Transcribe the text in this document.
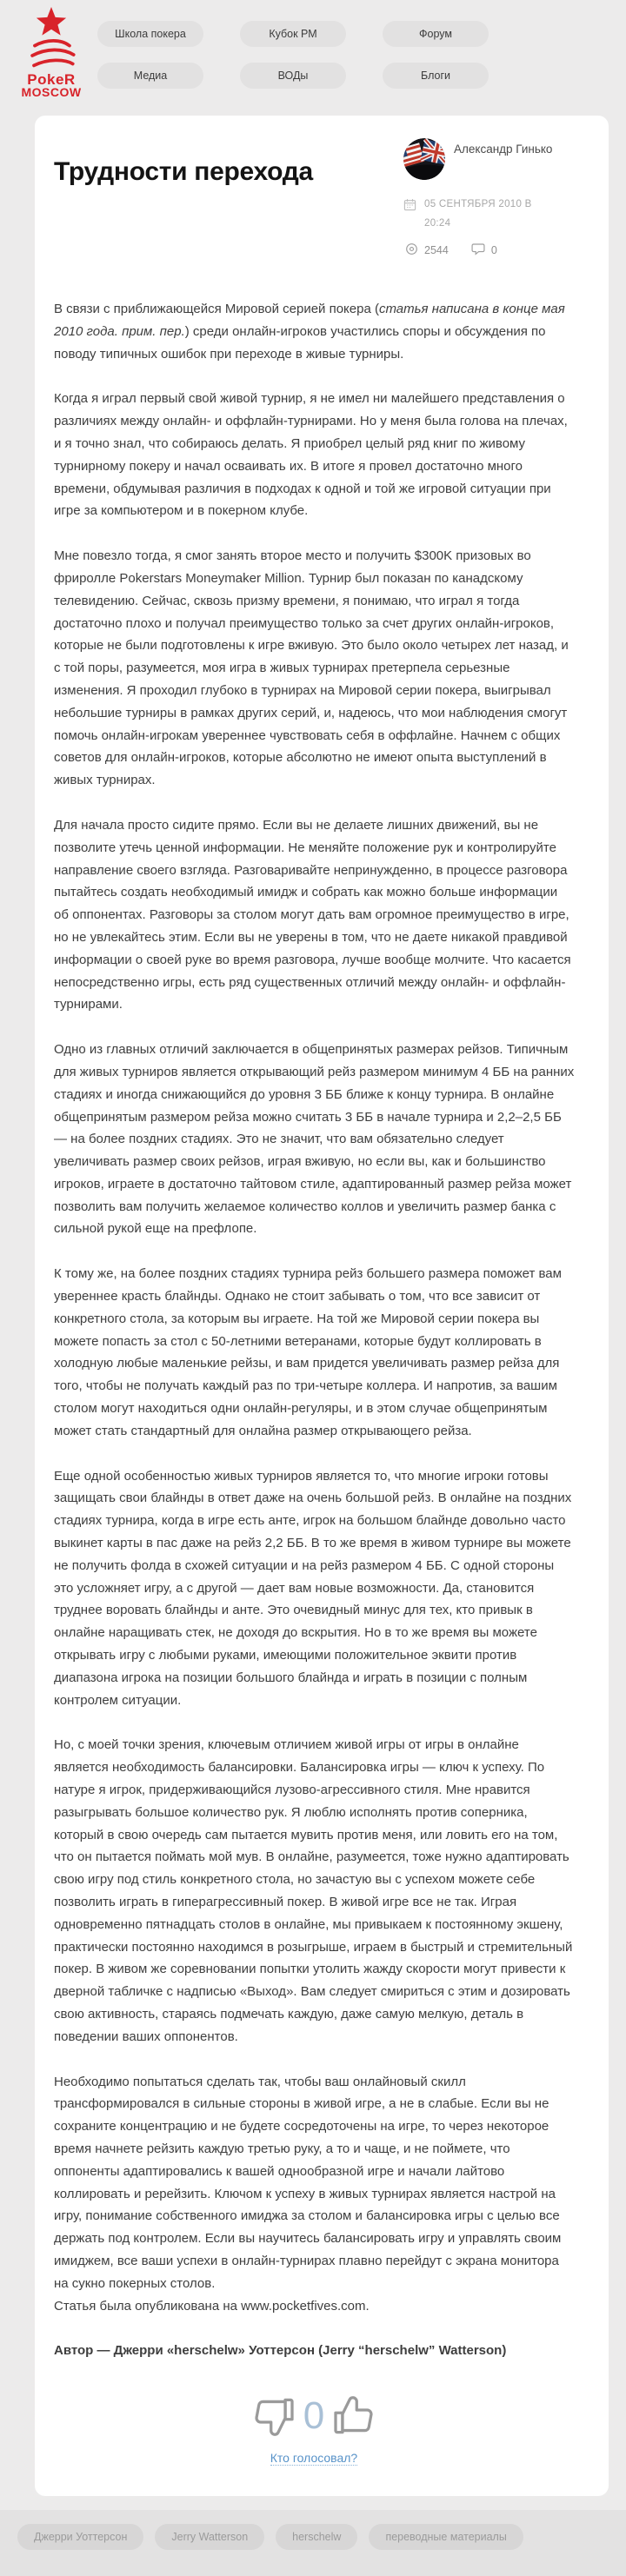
PokeR
MOSCOW
Школа покера	Кубок РМ	Форум
Медиа	ВОДы	Блоги
Трудности перехода
Александр Гинько
05 СЕНТЯБРЯ 2010 В 20:24
2544	0

В связи с приближающейся Мировой серией покера (статья написана в конце мая 2010 года. прим. пер.) среди онлайн-игроков участились споры и обсуждения по поводу типичных ошибок при переходе в живые турниры.

Когда я играл первый свой живой турнир, я не имел ни малейшего представления о различиях между онлайн- и оффлайн-турнирами. Но у меня была голова на плечах, и я точно знал, что собираюсь делать. Я приобрел целый ряд книг по живому турнирному покеру и начал осваивать их. В итоге я провел достаточно много времени, обдумывая различия в подходах к одной и той же игровой ситуации при игре за компьютером и в покерном клубе.

Мне повезло тогда, я смог занять второе место и получить $300K призовых во фриролле Pokerstars Moneymaker Million. Турнир был показан по канадскому телевидению. Сейчас, сквозь призму времени, я понимаю, что играл я тогда достаточно плохо и получал преимущество только за счет других онлайн-игроков, которые не были подготовлены к игре вживую. Это было около четырех лет назад, и с той поры, разумеется, моя игра в живых турнирах претерпела серьезные изменения. Я проходил глубоко в турнирах на Мировой серии покера, выигрывал небольшие турниры в рамках других серий, и, надеюсь, что мои наблюдения смогут помочь онлайн-игрокам увереннее чувствовать себя в оффлайне. Начнем с общих советов для онлайн-игроков, которые абсолютно не имеют опыта выступлений в живых турнирах.

Для начала просто сидите прямо. Если вы не делаете лишних движений, вы не позволите утечь ценной информации. Не меняйте положение рук и контролируйте направление своего взгляда. Разговаривайте непринужденно, в процессе разговора пытайтесь создать необходимый имидж и собрать как можно больше информации об оппонентах. Разговоры за столом могут дать вам огромное преимущество в игре, но не увлекайтесь этим. Если вы не уверены в том, что не даете никакой правдивой информации о своей руке во время разговора, лучше вообще молчите. Что касается непосредственно игры, есть ряд существенных отличий между онлайн- и оффлайн-турнирами.

Одно из главных отличий заключается в общепринятых размерах рейзов. Типичным для живых турниров является открывающий рейз размером минимум 4 ББ на ранних стадиях и иногда снижающийся до уровня 3 ББ ближе к концу турнира. В онлайне общепринятым размером рейза можно считать 3 ББ в начале турнира и 2,2–2,5 ББ — на более поздних стадиях. Это не значит, что вам обязательно следует увеличивать размер своих рейзов, играя вживую, но если вы, как и большинство игроков, играете в достаточно тайтовом стиле, адаптированный размер рейза может позволить вам получить желаемое количество коллов и увеличить размер банка с сильной рукой еще на префлопе.

К тому же, на более поздних стадиях турнира рейз большего размера поможет вам увереннее красть блайнды. Однако не стоит забывать о том, что все зависит от конкретного стола, за которым вы играете. На той же Мировой серии покера вы можете попасть за стол с 50-летними ветеранами, которые будут коллировать в холодную любые маленькие рейзы, и вам придется увеличивать размер рейза для того, чтобы не получать каждый раз по три-четыре коллера. И напротив, за вашим столом могут находиться одни онлайн-регуляры, и в этом случае общепринятым может стать стандартный для онлайна размер открывающего рейза.

Еще одной особенностью живых турниров является то, что многие игроки готовы защищать свои блайнды в ответ даже на очень большой рейз. В онлайне на поздних стадиях турнира, когда в игре есть анте, игрок на большом блайнде довольно часто выкинет карты в пас даже на рейз 2,2 ББ. В то же время в живом турнире вы можете не получить фолда в схожей ситуации и на рейз размером 4 ББ. С одной стороны это усложняет игру, а с другой — дает вам новые возможности. Да, становится труднее воровать блайнды и анте. Это очевидный минус для тех, кто привык в онлайне наращивать стек, не доходя до вскрытия. Но в то же время вы можете открывать игру с любыми руками, имеющими положительное эквити против диапазона игрока на позиции большого блайнда и играть в позиции с полным контролем ситуации.

Но, с моей точки зрения, ключевым отличием живой игры от игры в онлайне является необходимость балансировки. Балансировка игры — ключ к успеху. По натуре я игрок, придерживающийся лузово-агрессивного стиля. Мне нравится разыгрывать большое количество рук. Я люблю исполнять против соперника, который в свою очередь сам пытается мувить против меня, или ловить его на том, что он пытается поймать мой мув. В онлайне, разумеется, тоже нужно адаптировать свою игру под стиль конкретного стола, но зачастую вы с успехом можете себе позволить играть в гиперагрессивный покер. В живой игре все не так. Играя одновременно пятнадцать столов в онлайне, мы привыкаем к постоянному экшену, практически постоянно находимся в розыгрыше, играем в быстрый и стремительный покер. В живом же соревновании попытки утолить жажду скорости могут привести к дверной табличке с надписью «Выход». Вам следует смириться с этим и дозировать свою активность, стараясь подмечать каждую, даже самую мелкую, деталь в поведении ваших оппонентов.

Необходимо попытаться сделать так, чтобы ваш онлайновый скилл трансформировался в сильные стороны в живой игре, а не в слабые. Если вы не сохраните концентрацию и не будете сосредоточены на игре, то через некоторое время начнете рейзить каждую третью руку, а то и чаще, и не поймете, что оппоненты адаптировались к вашей однообразной игре и начали лайтово коллировать и ререйзить. Ключом к успеху в живых турнирах является настрой на игру, понимание собственного имиджа за столом и балансировка игры с целью все держать под контролем. Если вы научитесь балансировать игру и управлять своим имиджем, все ваши успехи в онлайн-турнирах плавно перейдут с экрана монитора на сукно покерных столов.

Статья была опубликована на www.pocketfives.com.

Автор — Джерри «herschelw» Уоттерсон (Jerry “herschelw” Watterson)

0
Кто голосовал?
Джерри Уоттерсон	Jerry Watterson	herschelw	переводные материалы
